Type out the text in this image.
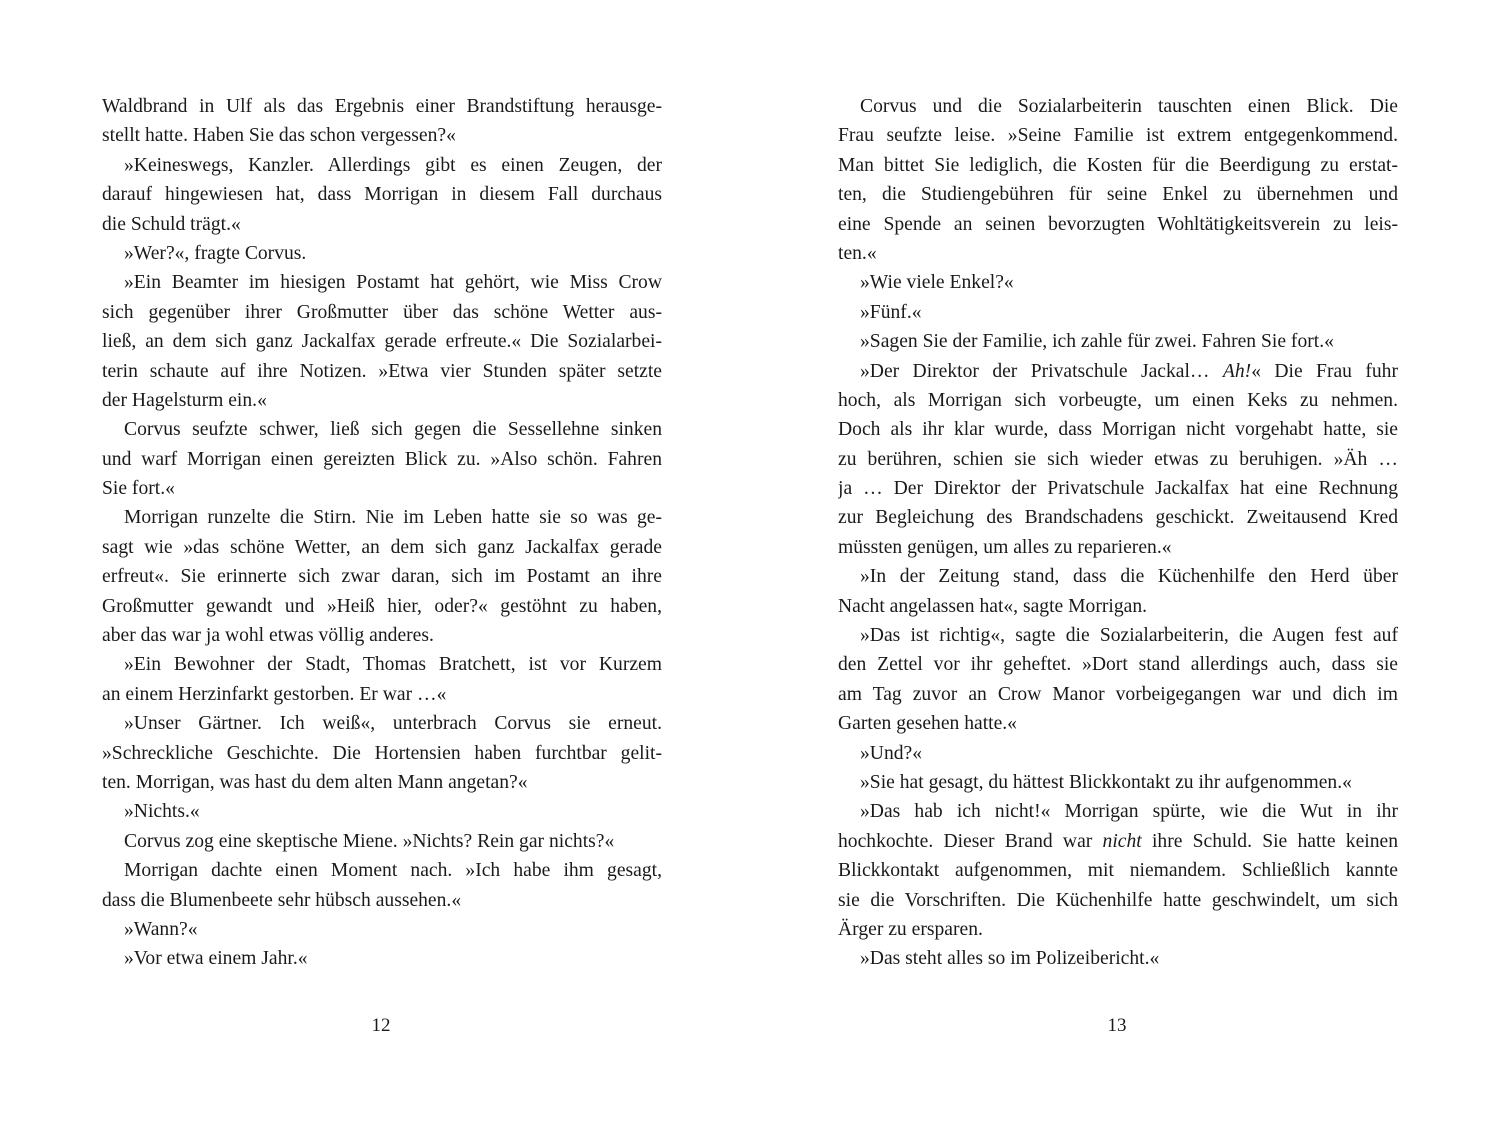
Waldbrand in Ulf als das Ergebnis einer Brandstiftung herausge-
stellt hatte. Haben Sie das schon vergessen?«
»Keineswegs, Kanzler. Allerdings gibt es einen Zeugen, der
darauf hingewiesen hat, dass Morrigan in diesem Fall durchaus
die Schuld trägt.«
»Wer?«, fragte Corvus.
»Ein Beamter im hiesigen Postamt hat gehört, wie Miss Crow
sich gegenüber ihrer Großmutter über das schöne Wetter aus-
ließ, an dem sich ganz Jackalfax gerade erfreute.« Die Sozialarbei-
terin schaute auf ihre Notizen. »Etwa vier Stunden später setzte
der Hagelsturm ein.«
Corvus seufzte schwer, ließ sich gegen die Sessellehne sinken
und warf Morrigan einen gereizten Blick zu. »Also schön. Fahren
Sie fort.«
Morrigan runzelte die Stirn. Nie im Leben hatte sie so was ge-
sagt wie »das schöne Wetter, an dem sich ganz Jackalfax gerade
erfreut«. Sie erinnerte sich zwar daran, sich im Postamt an ihre
Großmutter gewandt und »Heiß hier, oder?« gestöhnt zu haben,
aber das war ja wohl etwas völlig anderes.
»Ein Bewohner der Stadt, Thomas Bratchett, ist vor Kurzem
an einem Herzinfarkt gestorben. Er war …«
»Unser Gärtner. Ich weiß«, unterbrach Corvus sie erneut.
»Schreckliche Geschichte. Die Hortensien haben furchtbar gelit-
ten. Morrigan, was hast du dem alten Mann angetan?«
»Nichts.«
Corvus zog eine skeptische Miene. »Nichts? Rein gar nichts?«
Morrigan dachte einen Moment nach. »Ich habe ihm gesagt,
dass die Blumenbeete sehr hübsch aussehen.«
»Wann?«
»Vor etwa einem Jahr.«
12
Corvus und die Sozialarbeiterin tauschten einen Blick. Die
Frau seufzte leise. »Seine Familie ist extrem entgegenkommend.
Man bittet Sie lediglich, die Kosten für die Beerdigung zu erstat-
ten, die Studiengebühren für seine Enkel zu übernehmen und
eine Spende an seinen bevorzugten Wohltätigkeitsverein zu leis-
ten.«
»Wie viele Enkel?«
»Fünf.«
»Sagen Sie der Familie, ich zahle für zwei. Fahren Sie fort.«
»Der Direktor der Privatschule Jackal… Ah!« Die Frau fuhr
hoch, als Morrigan sich vorbeugte, um einen Keks zu nehmen.
Doch als ihr klar wurde, dass Morrigan nicht vorgehabt hatte, sie
zu berühren, schien sie sich wieder etwas zu beruhigen. »Äh …
ja … Der Direktor der Privatschule Jackalfax hat eine Rechnung
zur Begleichung des Brandschadens geschickt. Zweitausend Kred
müssten genügen, um alles zu reparieren.«
»In der Zeitung stand, dass die Küchenhilfe den Herd über
Nacht angelassen hat«, sagte Morrigan.
»Das ist richtig«, sagte die Sozialarbeiterin, die Augen fest auf
den Zettel vor ihr geheftet. »Dort stand allerdings auch, dass sie
am Tag zuvor an Crow Manor vorbeigegangen war und dich im
Garten gesehen hatte.«
»Und?«
»Sie hat gesagt, du hättest Blickkontakt zu ihr aufgenommen.«
»Das hab ich nicht!« Morrigan spürte, wie die Wut in ihr
hochkochte. Dieser Brand war nicht ihre Schuld. Sie hatte keinen
Blickkontakt aufgenommen, mit niemandem. Schließlich kannte
sie die Vorschriften. Die Küchenhilfe hatte geschwindelt, um sich
Ärger zu ersparen.
»Das steht alles so im Polizeibericht.«
13
